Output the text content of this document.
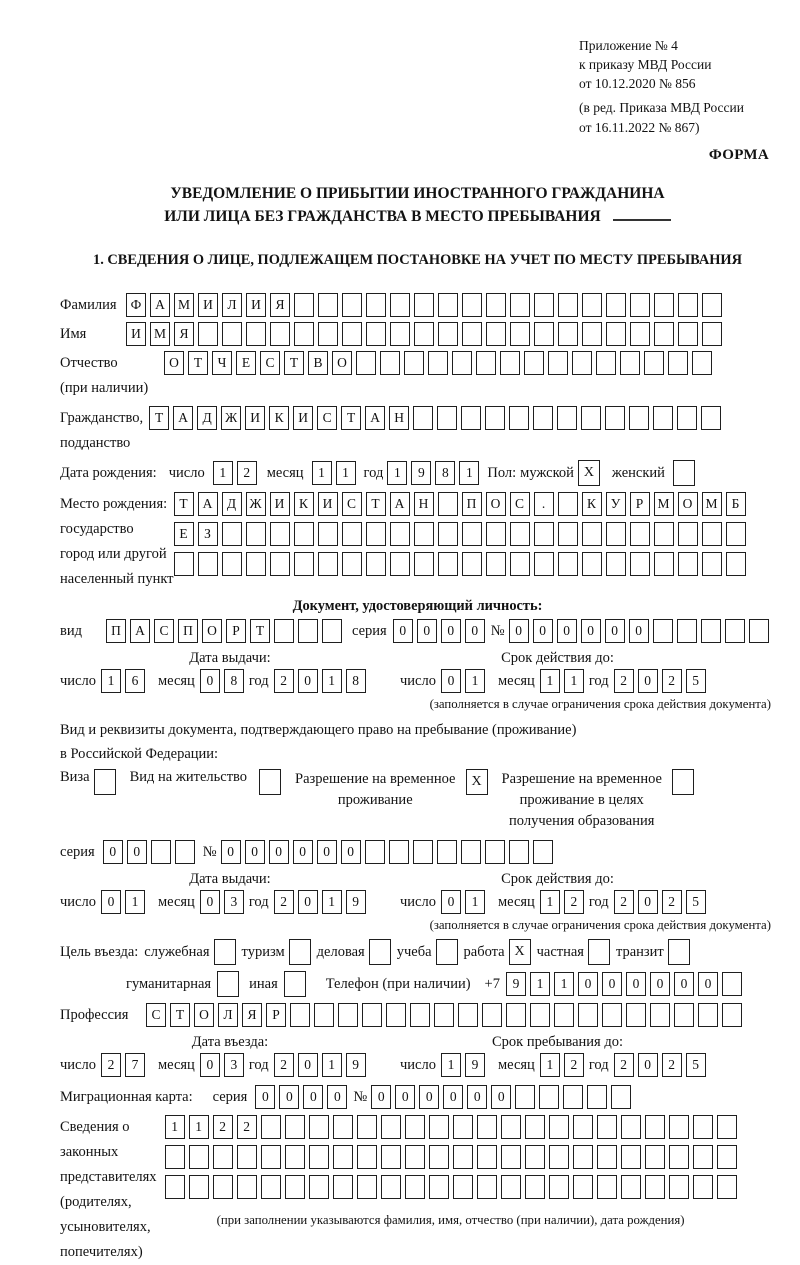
Приложение № 4
к приказу МВД России
от 10.12.2020 № 856
(в ред. Приказа МВД России
от 16.11.2022 № 867)
ФОРМА
УВЕДОМЛЕНИЕ О ПРИБЫТИИ ИНОСТРАННОГО ГРАЖДАНИНА
ИЛИ ЛИЦА БЕЗ ГРАЖДАНСТВА В МЕСТО ПРЕБЫВАНИЯ
1. СВЕДЕНИЯ О ЛИЦЕ, ПОДЛЕЖАЩЕМ ПОСТАНОВКЕ НА УЧЕТ ПО МЕСТУ ПРЕБЫВАНИЯ
Фамилия	Ф	А М И	Л	И	Я
Имя	И М Я
Отчество
(при наличии)
О	Т	Ч	Е	С	Т	В	О
Гражданство,
подданство
Т	А	Д Ж И	К	И	С	Т	А	Н
Дата рождения: число	1	2	месяц	1	1	год 1	9	8	1	Пол: мужской X	женский
Место рождения:
государство
город или другой
населенный пункт
Т	А	Д Ж И	К	И	С	Т	А	Н	П	О	С	.	К	У	Р	М О М	Б
Е	З
Документ, удостоверяющий личность:
вид	П	А	С	П	О	Р	Т	серия 0	0	0	0 № 0	0	0	0	0	0
Дата выдачи:	Срок действия до:
число 1	6	месяц 0	8 год 2	0	1	8	число 0	1	месяц 1	1 год 2	0	2	5
(заполняется в случае ограничения срока действия документа)
Вид и реквизиты документа, подтверждающего право на пребывание (проживание)
в Российской Федерации:
Виза	Вид на жительство	Разрешение на временное
проживание
X	Разрешение на временное
проживание в целях
получения образования
серия	0	0	№ 0	0	0	0	0	0
Дата выдачи:	Срок действия до:
число 0	1	месяц 0	3 год 2	0	1	9	число 0	1	месяц 1	2 год 2	0	2	5
(заполняется в случае ограничения срока действия документа)
Цель въезда: служебная туризм деловая учеба работа X частная транзит
гуманитарная	иная	Телефон (при наличии) +7 9	1	1	0	0	0	0	0	0
Профессия	С	Т	О	Л	Я	Р
Дата въезда:	Срок пребывания до:
число 2	7	месяц 0	3 год 2	0	1	9	число 1	9	месяц 1	2 год 2	0	2	5
Миграционная карта: серия	0	0	0	0 № 0	0	0	0	0	0
Сведения о
законных
представителях
(родителях,
усыновителях,
попечителях)
1	1	2	2
(при заполнении указываются фамилия, имя, отчество (при наличии), дата рождения)
